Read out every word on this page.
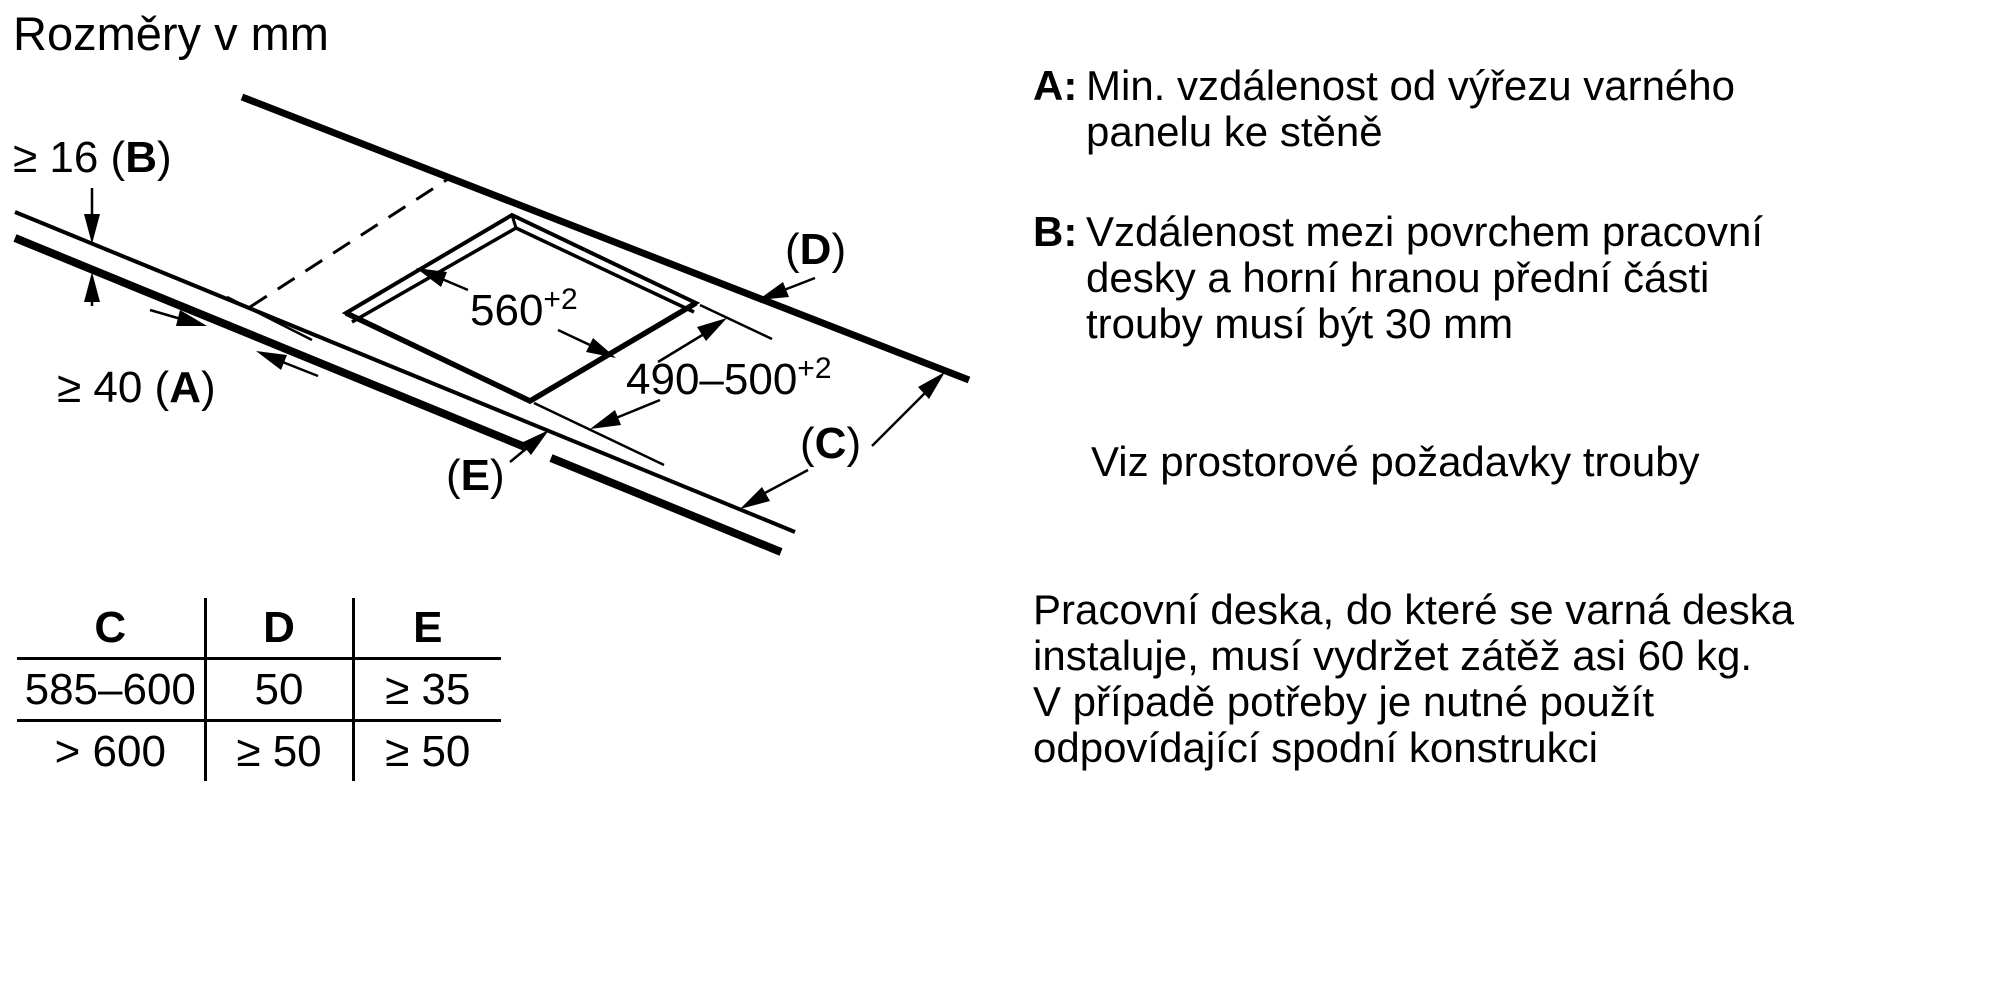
Rozměry v mm
≥ 16 (B)
≥ 40 (A)
$560^{+2}$
$490-500^{+2}$
(D)
(C)
(E)
C	D	E
585–600	50	≥ 35
> 600	≥ 50	≥ 50
A: Min. vzdálenost od výřezu varného
panelu ke stěně
B: Vzdálenost mezi povrchem pracovní
desky a horní hranou přední části
trouby musí být 30 mm
Viz prostorové požadavky trouby
Pracovní deska, do které se varná deska
instaluje, musí vydržet zátěž asi 60 kg.
V případě potřeby je nutné použít
odpovídající spodní konstrukci
